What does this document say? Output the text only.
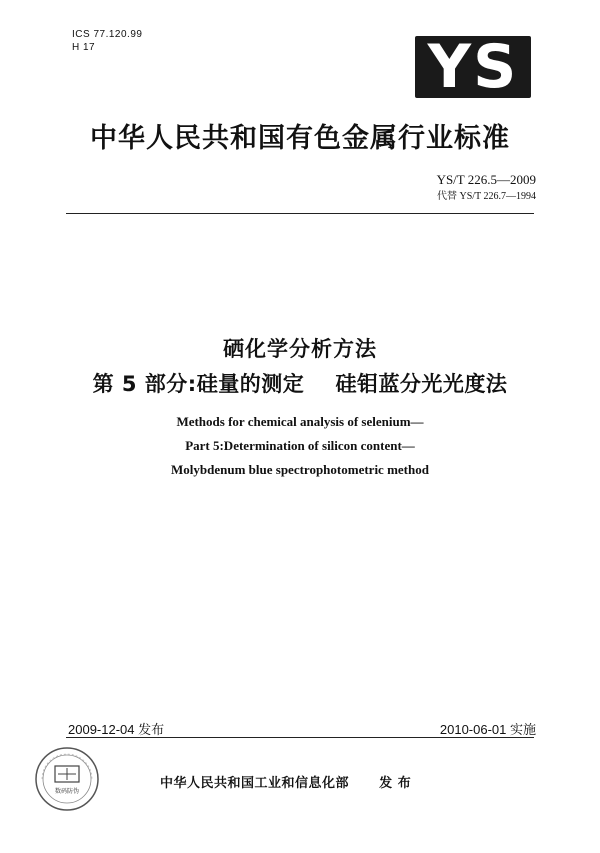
ICS 77.120.99
H 17	YS
中华人民共和国有色金属行业标准
YS/T 226.5—2009
代替 YS/T 226.7—1994
硒化学分析方法
第 5 部分:硅量的测定    硅钼蓝分光光度法
Methods for chemical analysis of selenium—
Part 5:Determination of silicon content—
Molybdenum blue spectrophotometric method
2009-12-04 发布	2010-06-01 实施
数码防伪
中华人民共和国工业和信息化部 发 布
